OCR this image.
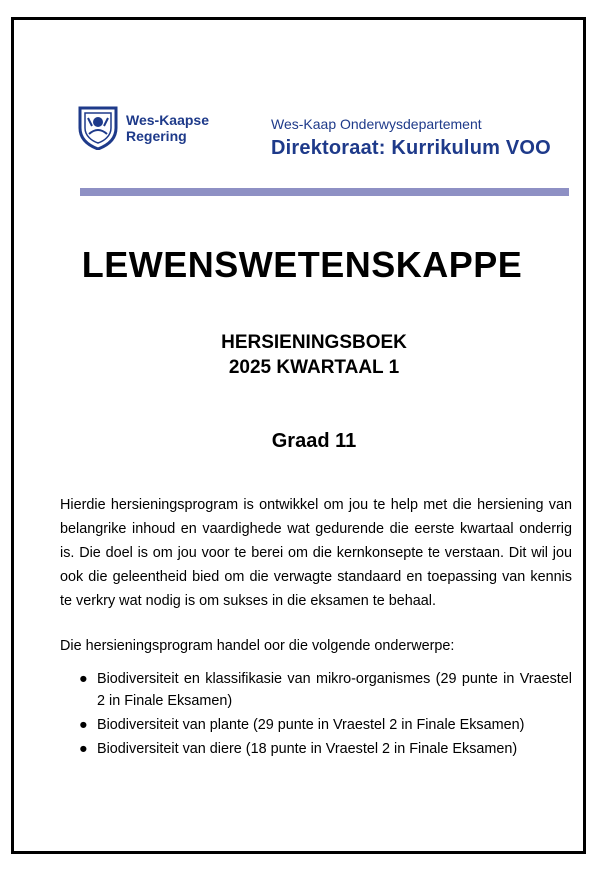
Wes-Kaapse
Regering
Wes-Kaap Onderwysdepartement
Direktoraat: Kurrikulum VOO
LEWENSWETENSKAPPE
HERSIENINGSBOEK
2025 KWARTAAL 1
Graad 11
Hierdie hersieningsprogram is ontwikkel om jou te help met die hersiening van belangrike inhoud en vaardighede wat gedurende die eerste kwartaal onderrig is. Die doel is om jou voor te berei om die kernkonsepte te verstaan. Dit wil jou ook die geleentheid bied om die verwagte standaard en toepassing van kennis te verkry wat nodig is om sukses in die eksamen te behaal.
Die hersieningsprogram handel oor die volgende onderwerpe:
● Biodiversiteit en klassifikasie van mikro-organismes (29 punte in Vraestel 2 in Finale Eksamen)
● Biodiversiteit van plante (29 punte in Vraestel 2 in Finale Eksamen)
● Biodiversiteit van diere (18 punte in Vraestel 2 in Finale Eksamen)
